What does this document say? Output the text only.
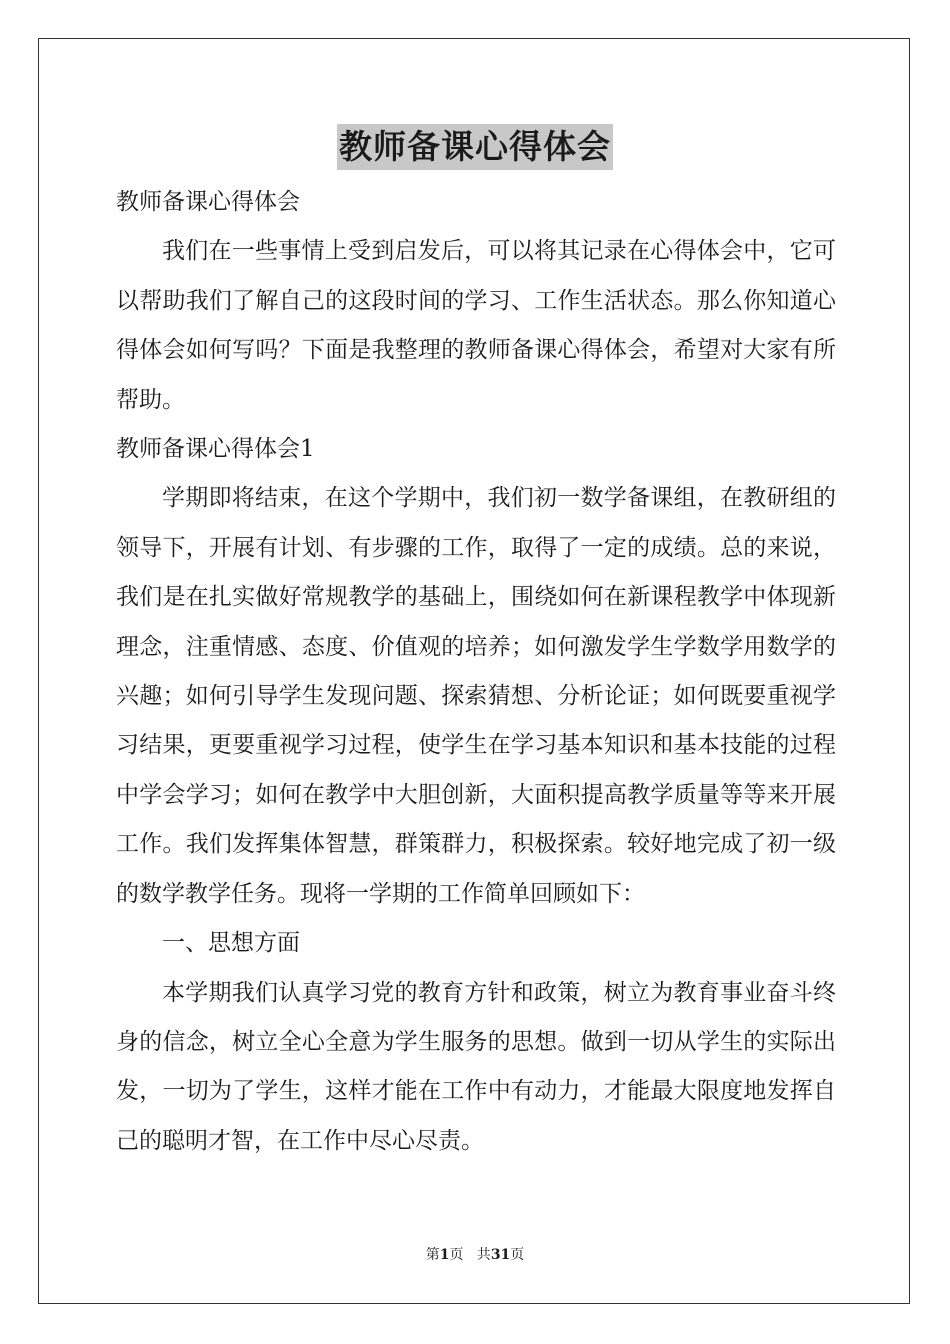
教师备课心得体会

教师备课心得体会

我们在一些事情上受到启发后，可以将其记录在心得体会中，它可以帮助我们了解自己的这段时间的学习、工作生活状态。那么你知道心得体会如何写吗？下面是我整理的教师备课心得体会，希望对大家有所帮助。

教师备课心得体会1

学期即将结束，在这个学期中，我们初一数学备课组，在教研组的领导下，开展有计划、有步骤的工作，取得了一定的成绩。总的来说，我们是在扎实做好常规教学的基础上，围绕如何在新课程教学中体现新理念，注重情感、态度、价值观的培养；如何激发学生学数学用数学的兴趣；如何引导学生发现问题、探索猜想、分析论证；如何既要重视学习结果，更要重视学习过程，使学生在学习基本知识和基本技能的过程中学会学习；如何在教学中大胆创新，大面积提高教学质量等等来开展工作。我们发挥集体智慧，群策群力，积极探索。较好地完成了初一级的数学教学任务。现将一学期的工作简单回顾如下：

一、思想方面

本学期我们认真学习党的教育方针和政策，树立为教育事业奋斗终身的信念，树立全心全意为学生服务的思想。做到一切从学生的实际出发，一切为了学生，这样才能在工作中有动力，才能最大限度地发挥自己的聪明才智，在工作中尽心尽责。

第1页   共31页
